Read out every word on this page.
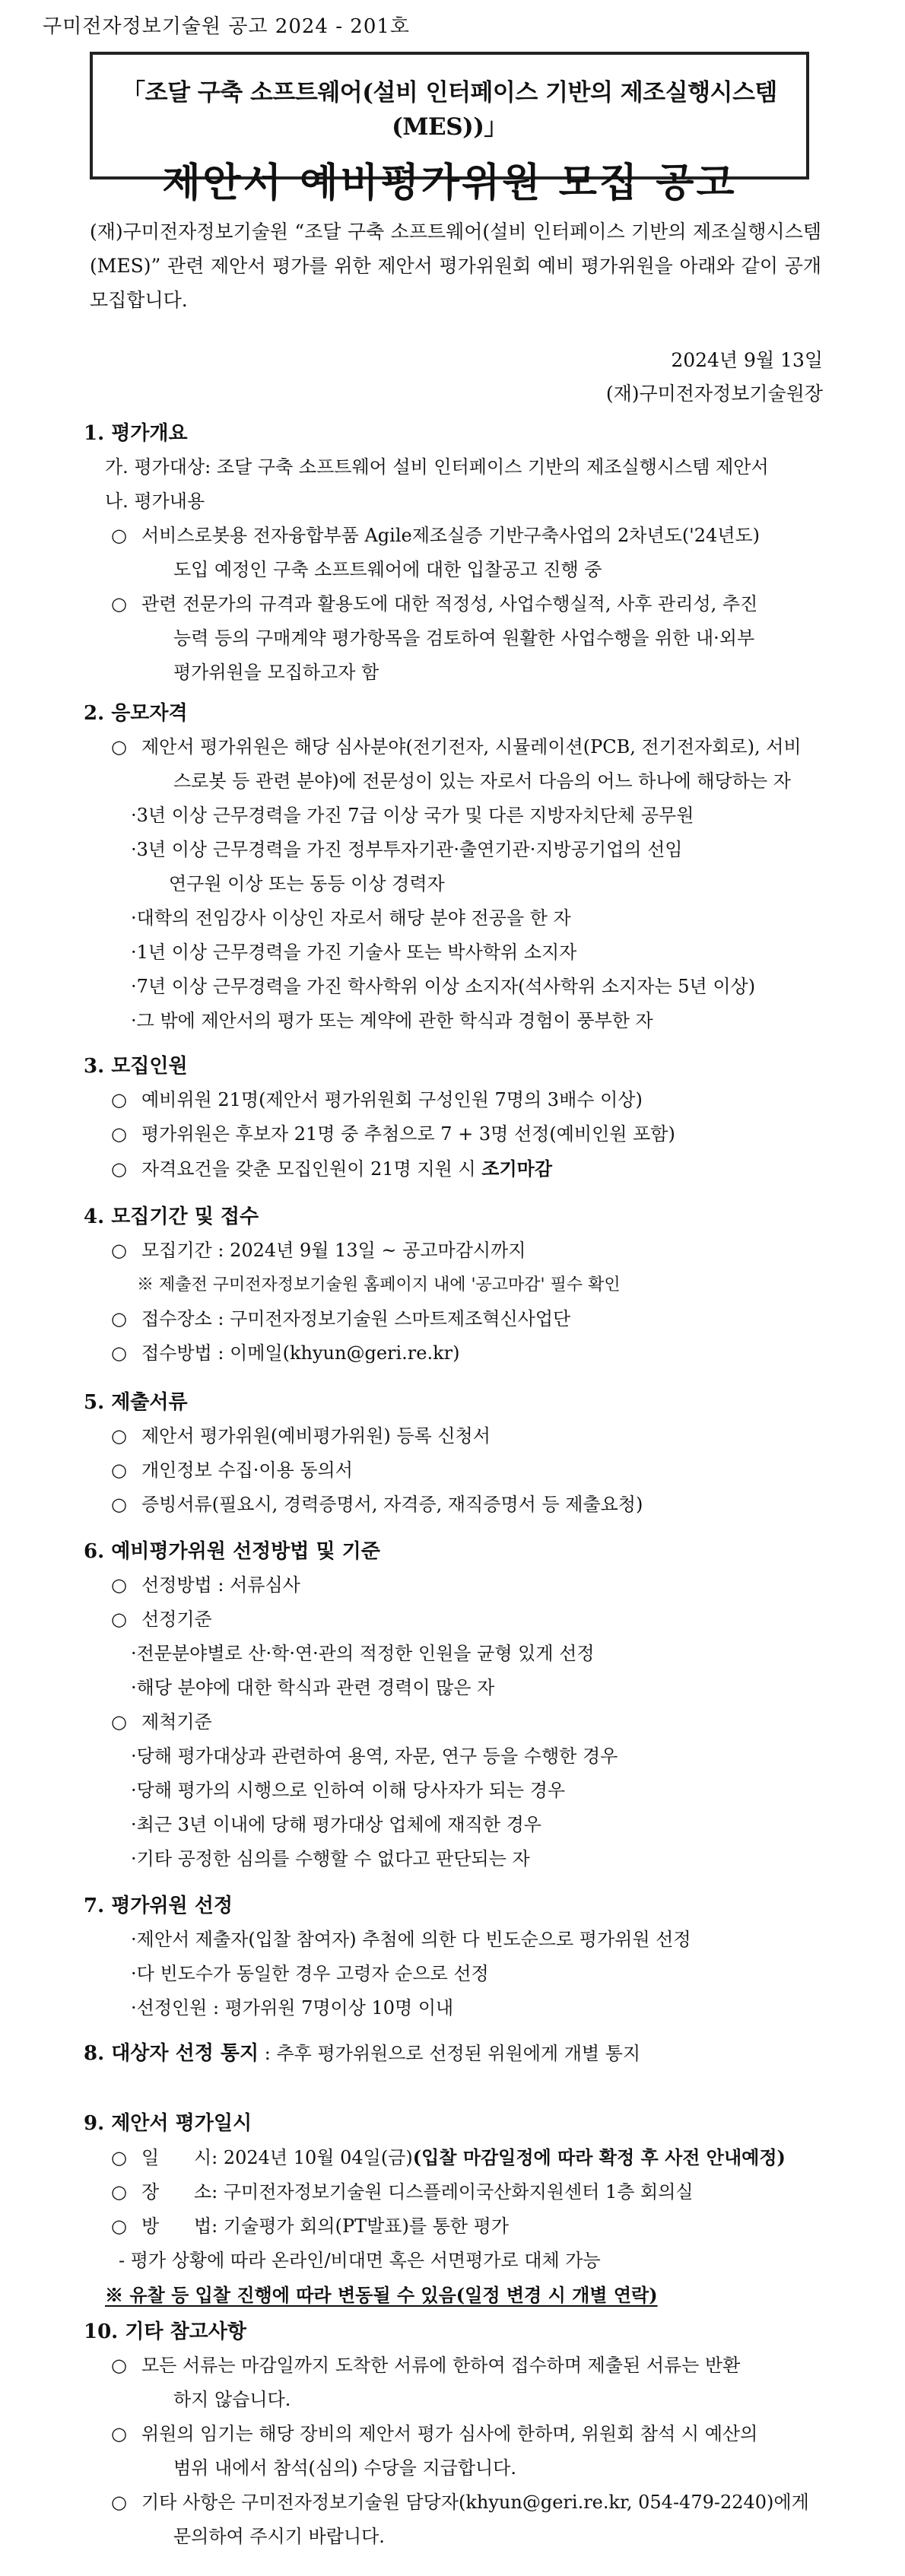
구미전자정보기술원 공고 2024 - 201호
「조달 구축 소프트웨어(설비 인터페이스 기반의 제조실행시스템 (MES))」
제안서 예비평가위원 모집 공고
(재)구미전자정보기술원 “조달 구축 소프트웨어(설비 인터페이스 기반의 제조실행시스템 (MES)” 관련 제안서 평가를 위한 제안서 평가위원회 예비 평가위원을 아래와 같이 공개 모집합니다.
2024년 9월 13일
(재)구미전자정보기술원장
1. 평가개요
가. 평가대상: 조달 구축 소프트웨어 설비 인터페이스 기반의 제조실행시스템 제안서
나. 평가내용
○ 서비스로봇용 전자융합부품 Agile제조실증 기반구축사업의 2차년도('24년도)
도입 예정인 구축 소프트웨어에 대한 입찰공고 진행 중
○ 관련 전문가의 규격과 활용도에 대한 적정성, 사업수행실적, 사후 관리성, 추진
능력 등의 구매계약 평가항목을 검토하여 원활한 사업수행을 위한 내·외부
평가위원을 모집하고자 함
2. 응모자격
○ 제안서 평가위원은 해당 심사분야(전기전자, 시뮬레이션(PCB, 전기전자회로), 서비
스로봇 등 관련 분야)에 전문성이 있는 자로서 다음의 어느 하나에 해당하는 자
·3년 이상 근무경력을 가진 7급 이상 국가 및 다른 지방자치단체 공무원
·3년 이상 근무경력을 가진 정부투자기관·출연기관·지방공기업의 선임
연구원 이상 또는 동등 이상 경력자
·대학의 전임강사 이상인 자로서 해당 분야 전공을 한 자
·1년 이상 근무경력을 가진 기술사 또는 박사학위 소지자
·7년 이상 근무경력을 가진 학사학위 이상 소지자(석사학위 소지자는 5년 이상)
·그 밖에 제안서의 평가 또는 계약에 관한 학식과 경험이 풍부한 자
3. 모집인원
○ 예비위원 21명(제안서 평가위원회 구성인원 7명의 3배수 이상)
○ 평가위원은 후보자 21명 중 추첨으로 7 + 3명 선정(예비인원 포함)
○ 자격요건을 갖춘 모집인원이 21명 지원 시 조기마감
4. 모집기간 및 접수
○ 모집기간 : 2024년 9월 13일 ~ 공고마감시까지
※ 제출전 구미전자정보기술원 홈페이지 내에 '공고마감' 필수 확인
○ 접수장소 : 구미전자정보기술원 스마트제조혁신사업단
○ 접수방법 : 이메일(khyun@geri.re.kr)
5. 제출서류
○ 제안서 평가위원(예비평가위원) 등록 신청서
○ 개인정보 수집·이용 동의서
○ 증빙서류(필요시, 경력증명서, 자격증, 재직증명서 등 제출요청)
6. 예비평가위원 선정방법 및 기준
○ 선정방법 : 서류심사
○ 선정기준
·전문분야별로 산·학·연·관의 적정한 인원을 균형 있게 선정
·해당 분야에 대한 학식과 관련 경력이 많은 자
○ 제척기준
·당해 평가대상과 관련하여 용역, 자문, 연구 등을 수행한 경우
·당해 평가의 시행으로 인하여 이해 당사자가 되는 경우
·최근 3년 이내에 당해 평가대상 업체에 재직한 경우
·기타 공정한 심의를 수행할 수 없다고 판단되는 자
7. 평가위원 선정
·제안서 제출자(입찰 참여자) 추첨에 의한 다 빈도순으로 평가위원 선정
·다 빈도수가 동일한 경우 고령자 순으로 선정
·선정인원 : 평가위원 7명이상 10명 이내
8. 대상자 선정 통지 : 추후 평가위원으로 선정된 위원에게 개별 통지
9. 제안서 평가일시
○ 일      시: 2024년 10월 04일(금)(입찰 마감일정에 따라 확정 후 사전 안내예정)
○ 장      소: 구미전자정보기술원 디스플레이국산화지원센터 1층 회의실
○ 방      법: 기술평가 회의(PT발표)를 통한 평가
- 평가 상황에 따라 온라인/비대면 혹은 서면평가로 대체 가능
※ 유찰 등 입찰 진행에 따라 변동될 수 있음(일정 변경 시 개별 연락)
10. 기타 참고사항
○ 모든 서류는 마감일까지 도착한 서류에 한하여 접수하며 제출된 서류는 반환
하지 않습니다.
○ 위원의 임기는 해당 장비의 제안서 평가 심사에 한하며, 위원회 참석 시 예산의
범위 내에서 참석(심의) 수당을 지급합니다.
○ 기타 사항은 구미전자정보기술원 담당자(khyun@geri.re.kr, 054-479-2240)에게
문의하여 주시기 바랍니다.
